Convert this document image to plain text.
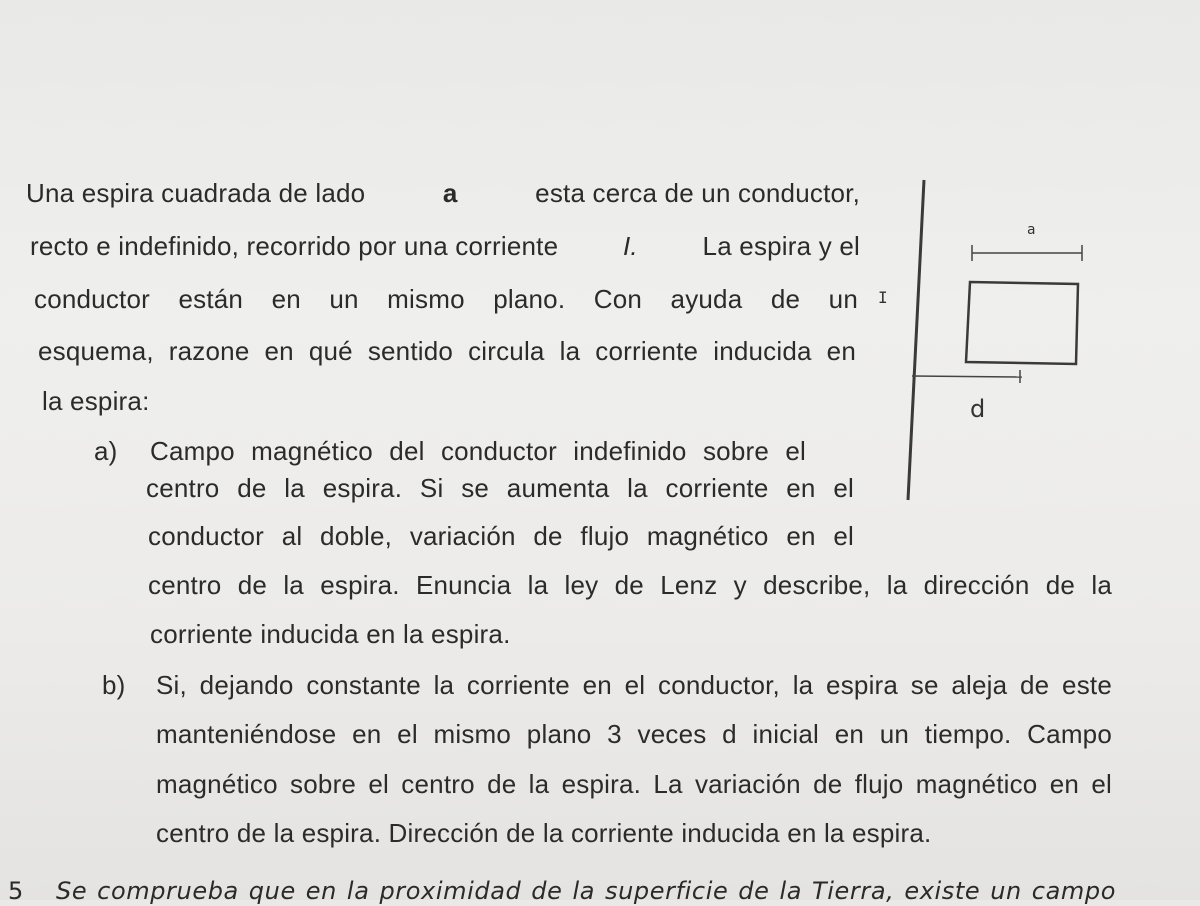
Una espira cuadrada de lado	a	esta cerca de un conductor,
recto e indefinido, recorrido por una corriente I. La espira y el
conductor están en un mismo plano. Con ayuda de un
esquema, razone en qué sentido circula la corriente inducida en
la espira:
a) Campo magnético del conductor indefinido sobre el
centro de la espira. Si se aumenta la corriente en el
conductor al doble, variación de flujo magnético en el
centro de la espira. Enuncia la ley de Lenz y describe, la dirección de la
corriente inducida en la espira.
b) Si, dejando constante la corriente en el conductor, la espira se aleja de este
manteniéndose en el mismo plano 3 veces d inicial en un tiempo. Campo
magnético sobre el centro de la espira. La variación de flujo magnético en el
centro de la espira. Dirección de la corriente inducida en la espira.
5 Se comprueba que en la proximidad de la superficie de la Tierra, existe un campo
I
a
d
